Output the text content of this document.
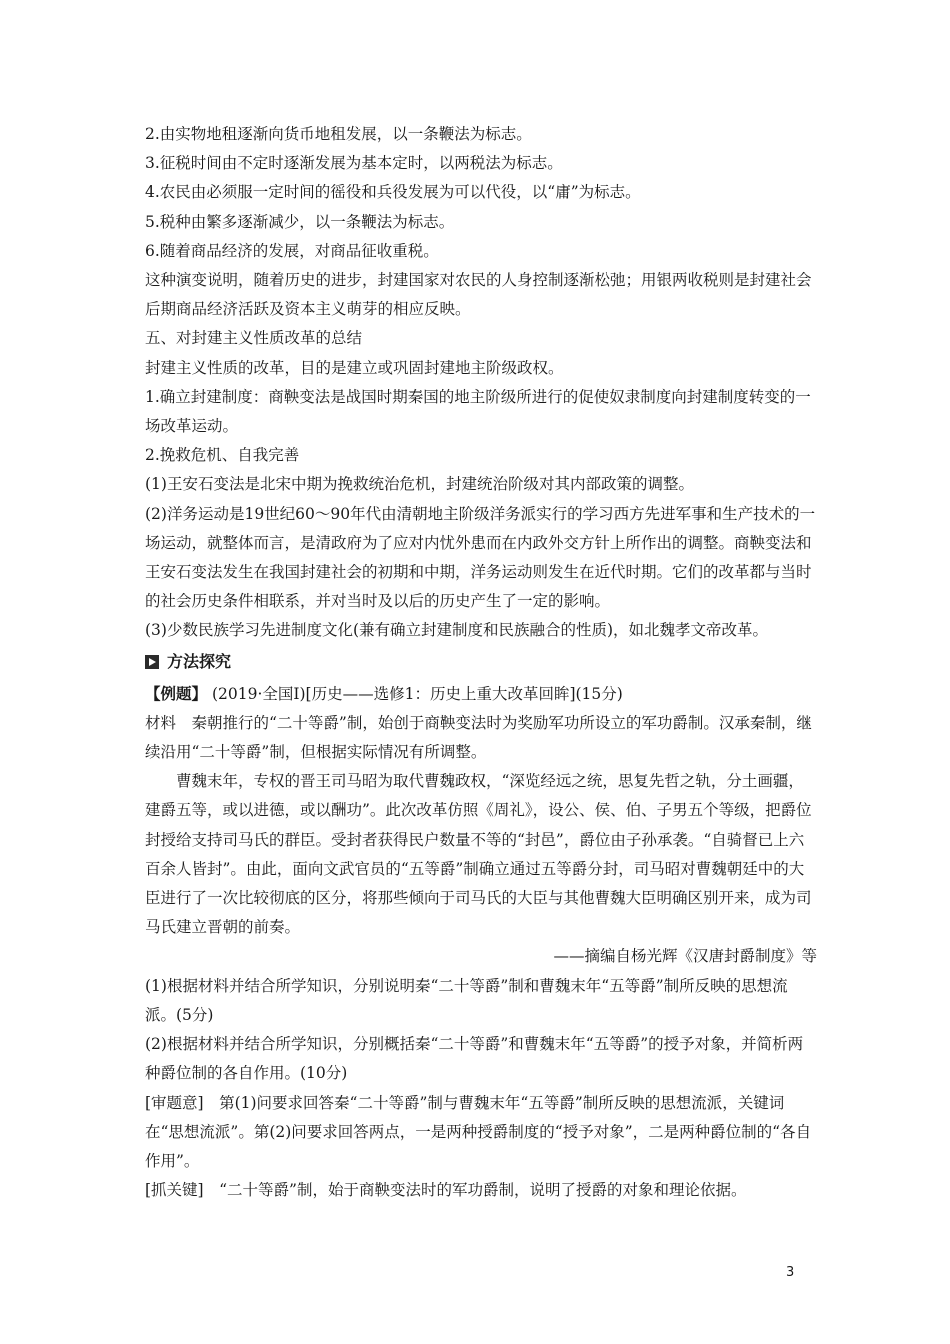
2.由实物地租逐渐向货币地租发展，以一条鞭法为标志。

3.征税时间由不定时逐渐发展为基本定时，以两税法为标志。

4.农民由必须服一定时间的徭役和兵役发展为可以代役，以“庸”为标志。

5.税种由繁多逐渐减少，以一条鞭法为标志。

6.随着商品经济的发展，对商品征收重税。

这种演变说明，随着历史的进步，封建国家对农民的人身控制逐渐松弛；用银两收税则是封建社会后期商品经济活跃及资本主义萌芽的相应反映。

五、对封建主义性质改革的总结

封建主义性质的改革，目的是建立或巩固封建地主阶级政权。

1.确立封建制度：商鞅变法是战国时期秦国的地主阶级所进行的促使奴隶制度向封建制度转变的一场改革运动。

2.挽救危机、自我完善

(1)王安石变法是北宋中期为挽救统治危机，封建统治阶级对其内部政策的调整。

(2)洋务运动是19世纪60～90年代由清朝地主阶级洋务派实行的学习西方先进军事和生产技术的一场运动，就整体而言，是清政府为了应对内忧外患而在内政外交方针上所作出的调整。商鞅变法和王安石变法发生在我国封建社会的初期和中期，洋务运动则发生在近代时期。它们的改革都与当时的社会历史条件相联系，并对当时及以后的历史产生了一定的影响。

(3)少数民族学习先进制度文化(兼有确立封建制度和民族融合的性质)，如北魏孝文帝改革。

方法探究

【例题】 (2019·全国Ⅰ)[历史——选修1：历史上重大改革回眸](15分)

材料　秦朝推行的“二十等爵”制，始创于商鞅变法时为奖励军功所设立的军功爵制。汉承秦制，继续沿用“二十等爵”制，但根据实际情况有所调整。

曹魏末年，专权的晋王司马昭为取代曹魏政权，“深览经远之统，思复先哲之轨，分土画疆，建爵五等，或以进德，或以酬功”。此次改革仿照《周礼》，设公、侯、伯、子男五个等级，把爵位封授给支持司马氏的群臣。受封者获得民户数量不等的“封邑”，爵位由子孙承袭。“自骑督已上六百余人皆封”。由此，面向文武官员的“五等爵”制确立通过五等爵分封，司马昭对曹魏朝廷中的大臣进行了一次比较彻底的区分，将那些倾向于司马氏的大臣与其他曹魏大臣明确区别开来，成为司马氏建立晋朝的前奏。

——摘编自杨光辉《汉唐封爵制度》等

(1)根据材料并结合所学知识，分别说明秦“二十等爵”制和曹魏末年“五等爵”制所反映的思想流派。(5分)

(2)根据材料并结合所学知识，分别概括秦“二十等爵”和曹魏末年“五等爵”的授予对象，并简析两种爵位制的各自作用。(10分)

[审题意]　第(1)问要求回答秦“二十等爵”制与曹魏末年“五等爵”制所反映的思想流派，关键词在“思想流派”。第(2)问要求回答两点，一是两种授爵制度的“授予对象”，二是两种爵位制的“各自作用”。

[抓关键]　“二十等爵”制，始于商鞅变法时的军功爵制，说明了授爵的对象和理论依据。

3
